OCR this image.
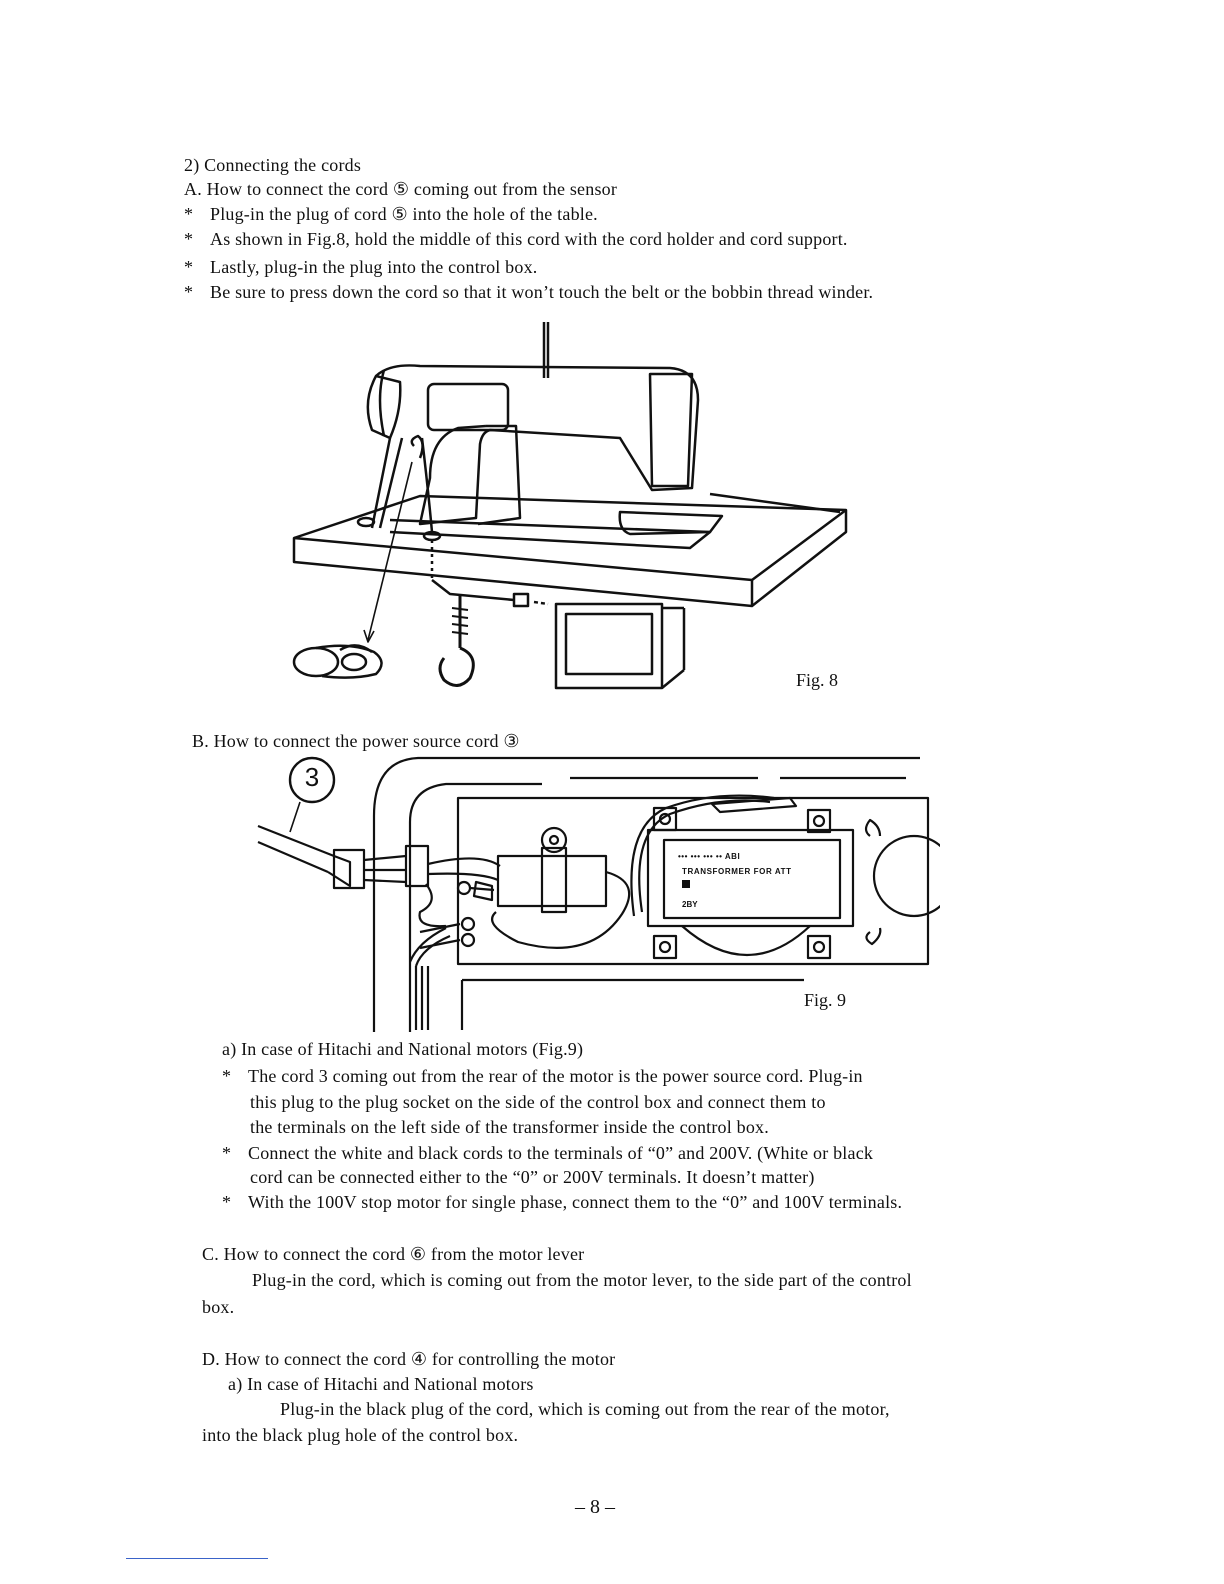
2) Connecting the cords
A. How to connect the cord ⑤ coming out from the sensor
* Plug-in the plug of cord ⑤ into the hole of the table.
* As shown in Fig.8, hold the middle of this cord with the cord holder and cord support.
* Lastly, plug-in the plug into the control box.
* Be sure to press down the cord so that it won’t touch the belt or the bobbin thread winder.
Fig. 8
B. How to connect the power source cord ③
3
••• ••• ••• •• ABI
TRANSFORMER FOR ATT
2BY
Fig. 9
a) In case of Hitachi and National motors (Fig.9)
* The cord 3 coming out from the rear of the motor is the power source cord. Plug-in
this plug to the plug socket on the side of the control box and connect them to
the terminals on the left side of the transformer inside the control box.
* Connect the white and black cords to the terminals of “0” and 200V. (White or black
cord can be connected either to the “0” or 200V terminals. It doesn’t matter)
* With the 100V stop motor for single phase, connect them to the “0” and 100V terminals.
C. How to connect the cord ⑥ from the motor lever
Plug-in the cord, which is coming out from the motor lever, to the side part of the control
box.
D. How to connect the cord ④ for controlling the motor
a) In case of Hitachi and National motors
Plug-in the black plug of the cord, which is coming out from the rear of the motor,
into the black plug hole of the control box.
– 8 –
